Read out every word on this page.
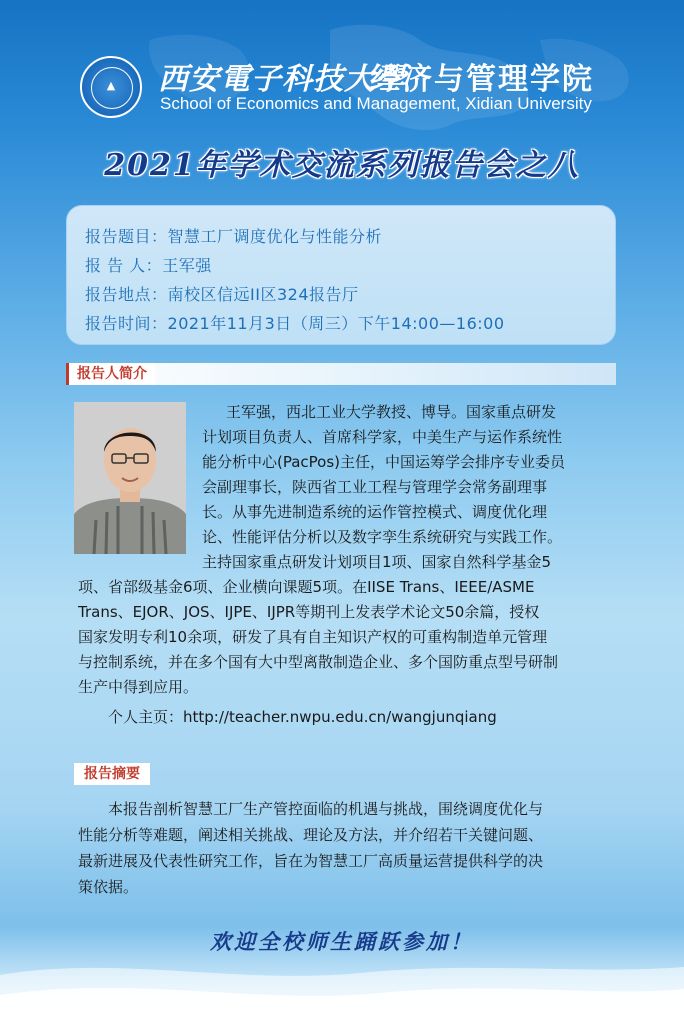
▲ 西安電子科技大學
经济与管理学院
School of Economics and Management, Xidian University
2021年学术交流系列报告会之八
报告题目：智慧工厂调度优化与性能分析
报 告 人：王军强
报告地点：南校区信远II区324报告厅
报告时间：2021年11月3日（周三）下午14:00—16:00
报告人简介
王军强，西北工业大学教授、博导。国家重点研发
计划项目负责人、首席科学家，中美生产与运作系统性
能分析中心(PacPos)主任，中国运筹学会排序专业委员
会副理事长，陕西省工业工程与管理学会常务副理事
长。从事先进制造系统的运作管控模式、调度优化理
论、性能评估分析以及数字孪生系统研究与实践工作。
主持国家重点研发计划项目1项、国家自然科学基金5
项、省部级基金6项、企业横向课题5项。在IISE Trans、IEEE/ASME
Trans、EJOR、JOS、IJPE、IJPR等期刊上发表学术论文50余篇，授权
国家发明专利10余项，研发了具有自主知识产权的可重构制造单元管理
与控制系统，并在多个国有大中型离散制造企业、多个国防重点型号研制
生产中得到应用。
个人主页：http://teacher.nwpu.edu.cn/wangjunqiang
报告摘要
本报告剖析智慧工厂生产管控面临的机遇与挑战，围绕调度优化与
性能分析等难题，阐述相关挑战、理论及方法，并介绍若干关键问题、
最新进展及代表性研究工作，旨在为智慧工厂高质量运营提供科学的决
策依据。
欢迎全校师生踊跃参加！
